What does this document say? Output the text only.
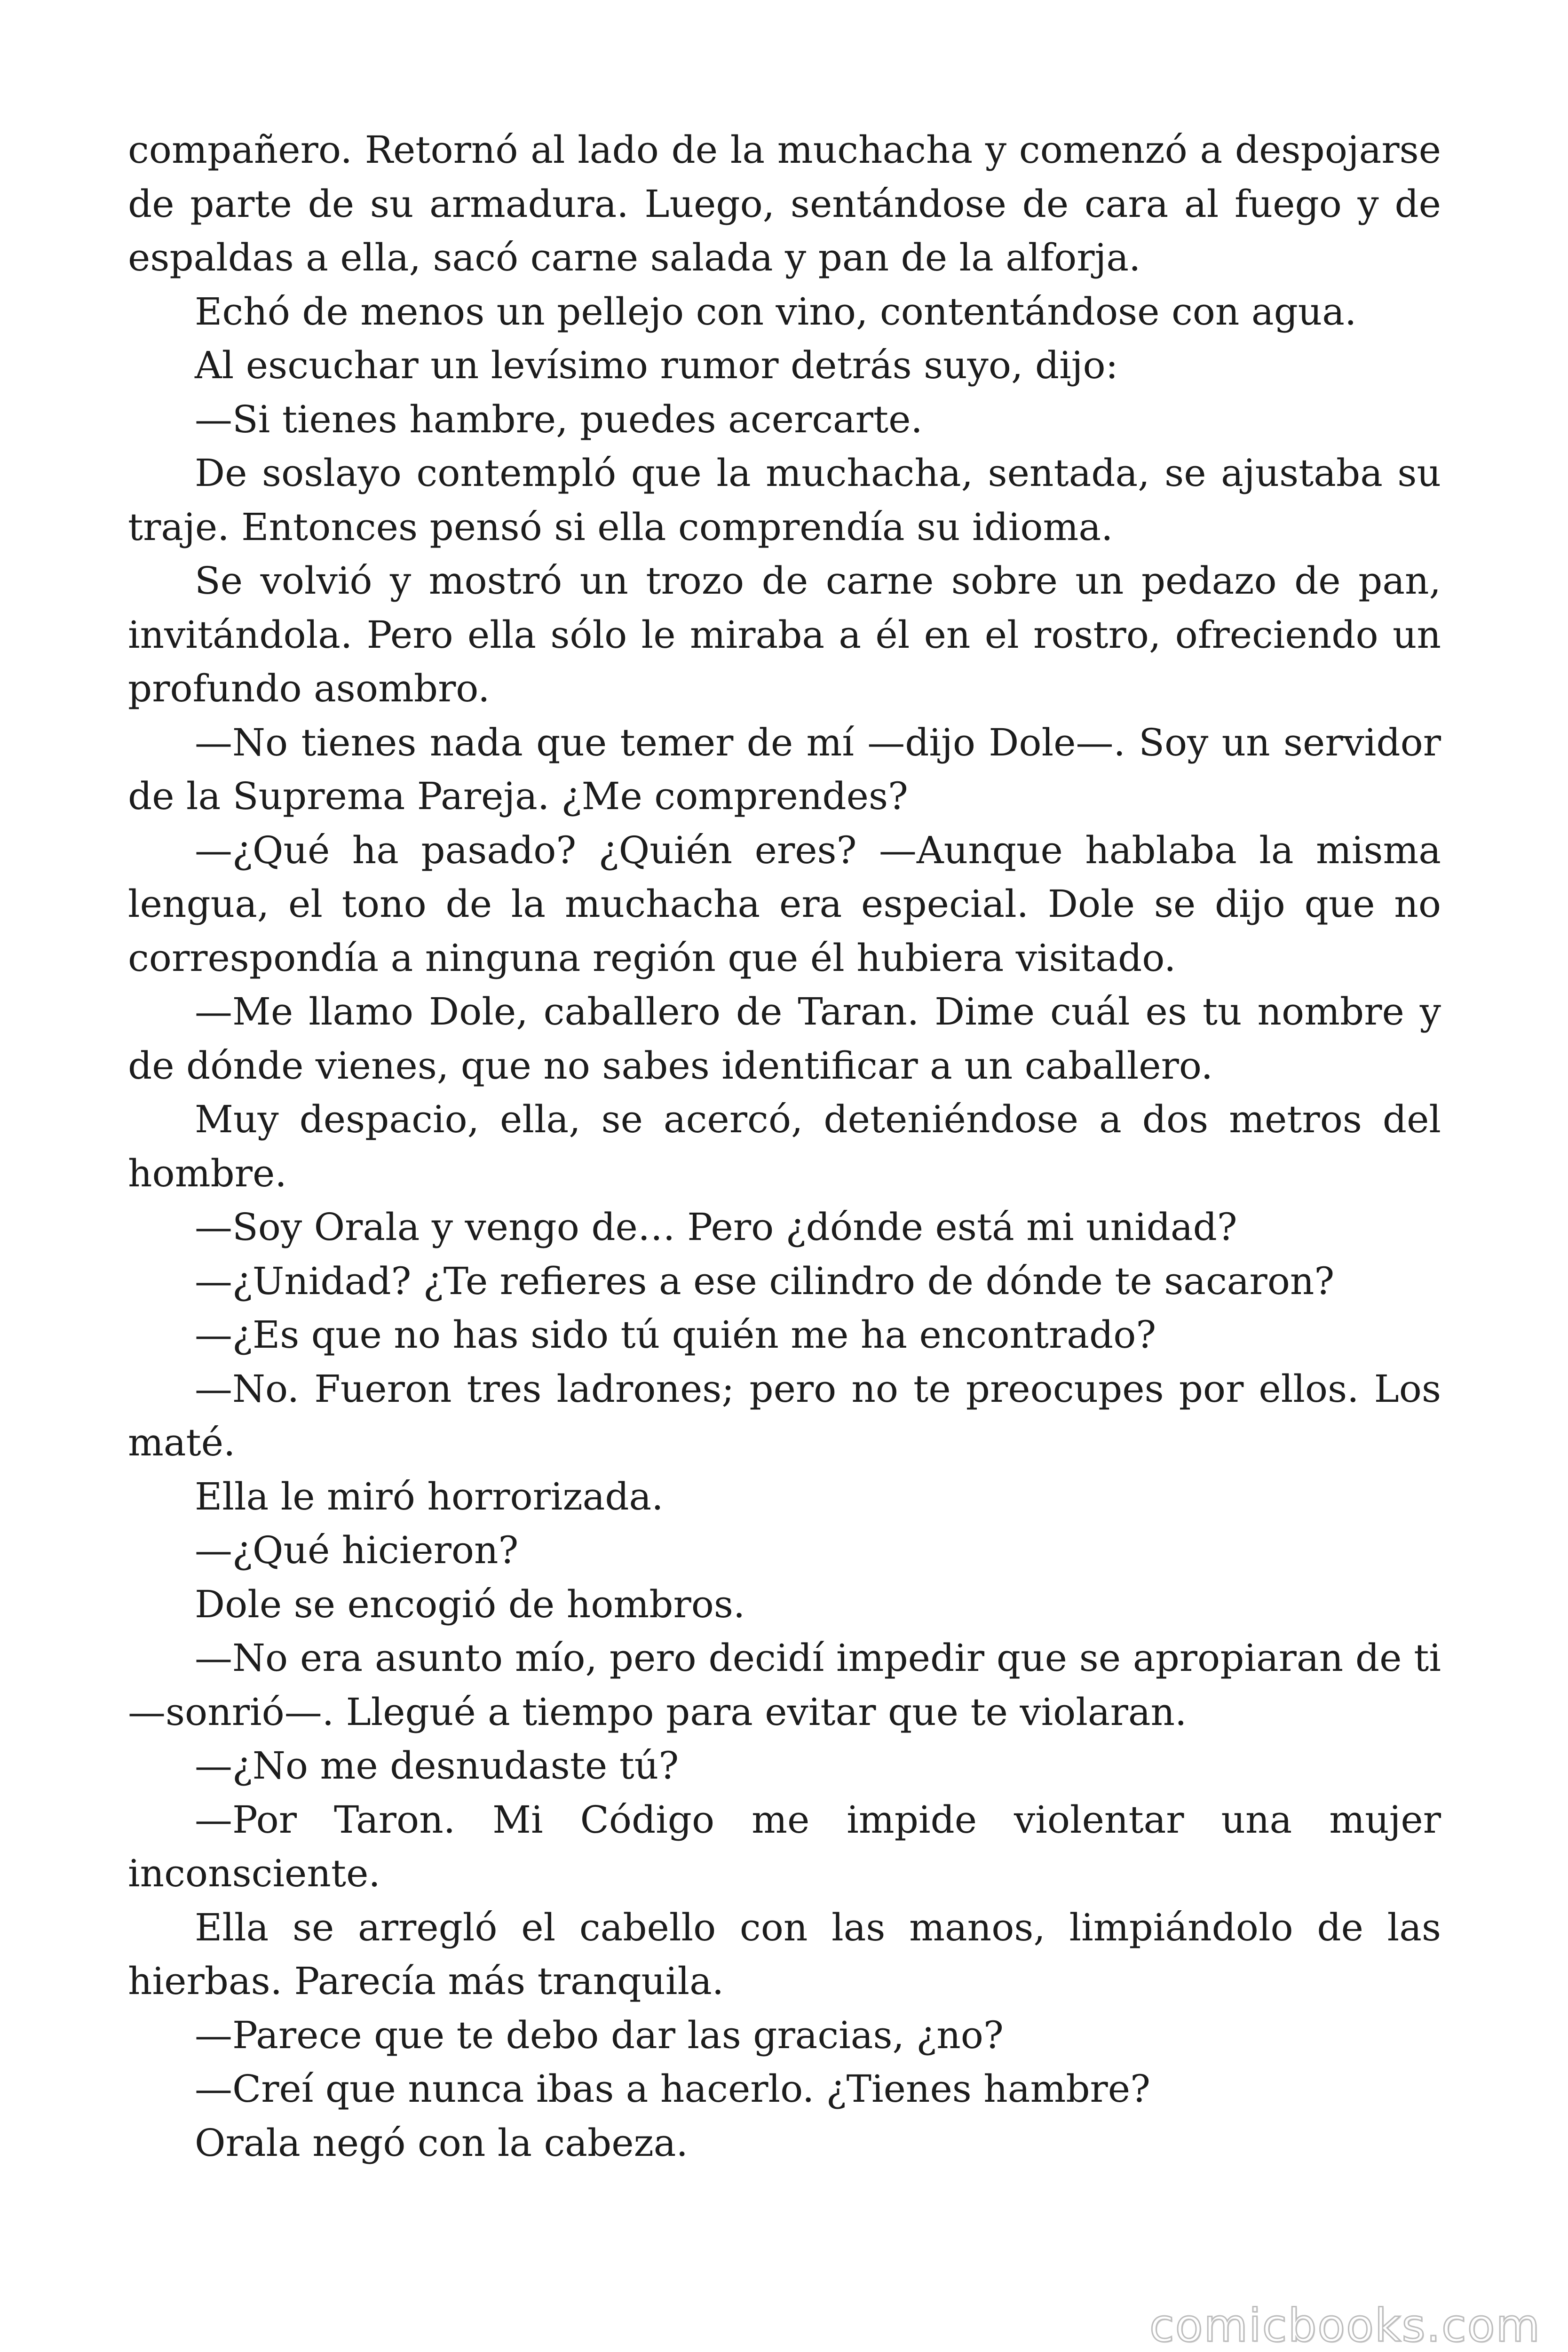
compañero. Retornó al lado de la muchacha y comenzó a despojarse de parte de su armadura. Luego, sentándose de cara al fuego y de espaldas a ella, sacó carne salada y pan de la alforja.

Echó de menos un pellejo con vino, contentándose con agua.

Al escuchar un levísimo rumor detrás suyo, dijo:

—Si tienes hambre, puedes acercarte.

De soslayo contempló que la muchacha, sentada, se ajustaba su traje. Entonces pensó si ella comprendía su idioma.

Se volvió y mostró un trozo de carne sobre un pedazo de pan, invitándola. Pero ella sólo le miraba a él en el rostro, ofreciendo un profundo asombro.

—No tienes nada que temer de mí —dijo Dole—. Soy un servidor de la Suprema Pareja. ¿Me comprendes?

—¿Qué ha pasado? ¿Quién eres? —Aunque hablaba la misma lengua, el tono de la muchacha era especial. Dole se dijo que no correspondía a ninguna región que él hubiera visitado.

—Me llamo Dole, caballero de Taran. Dime cuál es tu nombre y de dónde vienes, que no sabes identificar a un caballero.

Muy despacio, ella, se acercó, deteniéndose a dos metros del hombre.

—Soy Orala y vengo de… Pero ¿dónde está mi unidad?

—¿Unidad? ¿Te refieres a ese cilindro de dónde te sacaron?

—¿Es que no has sido tú quién me ha encontrado?

—No. Fueron tres ladrones; pero no te preocupes por ellos. Los maté.

Ella le miró horrorizada.

—¿Qué hicieron?

Dole se encogió de hombros.

—No era asunto mío, pero decidí impedir que se apropiaran de ti —sonrió—. Llegué a tiempo para evitar que te violaran.

—¿No me desnudaste tú?

—Por Taron. Mi Código me impide violentar una mujer inconsciente.

Ella se arregló el cabello con las manos, limpiándolo de las hierbas. Parecía más tranquila.

—Parece que te debo dar las gracias, ¿no?

—Creí que nunca ibas a hacerlo. ¿Tienes hambre?

Orala negó con la cabeza.

comicbooks.com
